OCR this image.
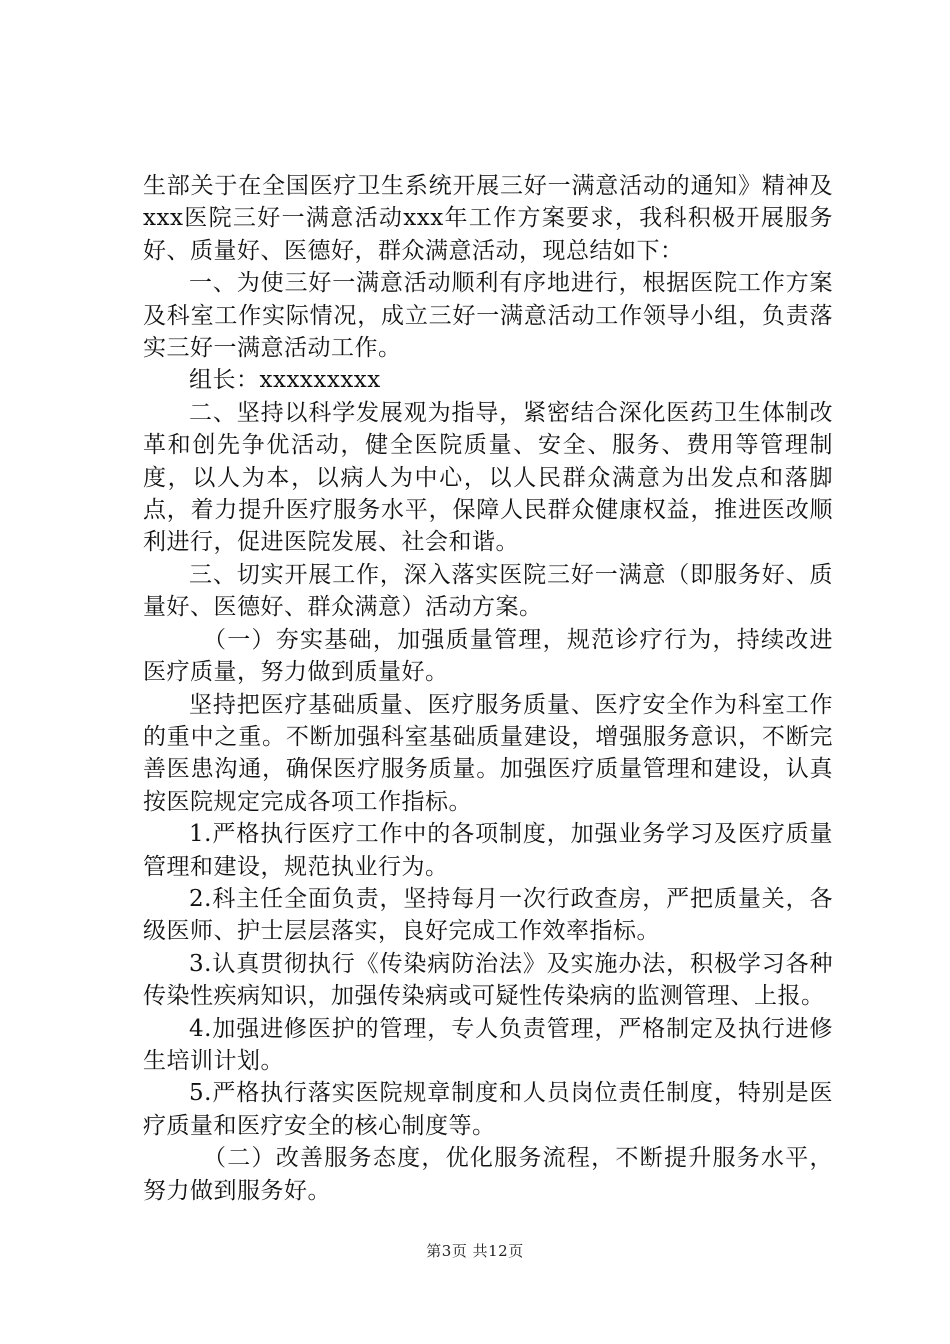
生部关于在全国医疗卫生系统开展三好一满意活动的通知》精神及xxx医院三好一满意活动xxx年工作方案要求，我科积极开展服务好、质量好、医德好，群众满意活动，现总结如下：

一、为使三好一满意活动顺利有序地进行，根据医院工作方案及科室工作实际情况，成立三好一满意活动工作领导小组，负责落实三好一满意活动工作。

组长：xxxxxxxxx

二、坚持以科学发展观为指导，紧密结合深化医药卫生体制改革和创先争优活动，健全医院质量、安全、服务、费用等管理制度，以人为本，以病人为中心，以人民群众满意为出发点和落脚点，着力提升医疗服务水平，保障人民群众健康权益，推进医改顺利进行，促进医院发展、社会和谐。

三、切实开展工作，深入落实医院三好一满意（即服务好、质量好、医德好、群众满意）活动方案。

（一）夯实基础，加强质量管理，规范诊疗行为，持续改进医疗质量，努力做到质量好。

坚持把医疗基础质量、医疗服务质量、医疗安全作为科室工作的重中之重。不断加强科室基础质量建设，增强服务意识，不断完善医患沟通，确保医疗服务质量。加强医疗质量管理和建设，认真按医院规定完成各项工作指标。

1.严格执行医疗工作中的各项制度，加强业务学习及医疗质量管理和建设，规范执业行为。

2.科主任全面负责，坚持每月一次行政查房，严把质量关，各级医师、护士层层落实，良好完成工作效率指标。

3.认真贯彻执行《传染病防治法》及实施办法，积极学习各种传染性疾病知识，加强传染病或可疑性传染病的监测管理、上报。

4.加强进修医护的管理，专人负责管理，严格制定及执行进修生培训计划。

5.严格执行落实医院规章制度和人员岗位责任制度，特别是医疗质量和医疗安全的核心制度等。

（二）改善服务态度，优化服务流程，不断提升服务水平，努力做到服务好。

第3页 共12页
